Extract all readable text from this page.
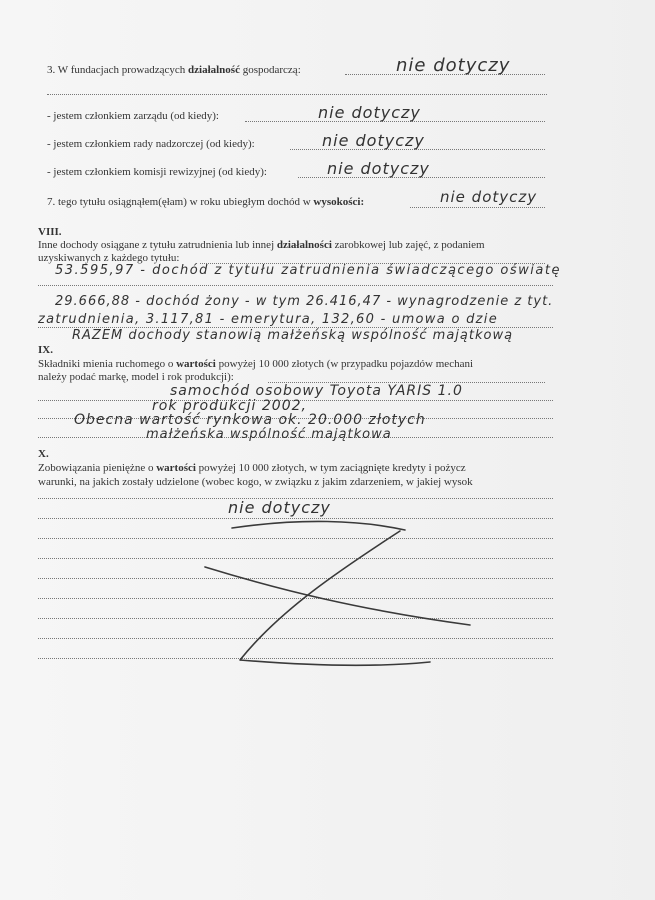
3. W fundacjach prowadzących działalność gospodarczą:	nie dotyczy
- jestem członkiem zarządu (od kiedy):	nie dotyczy
- jestem członkiem rady nadzorczej (od kiedy):	nie dotyczy
- jestem członkiem komisji rewizyjnej (od kiedy):	nie dotyczy
7. tego tytułu osiągnąłem(ęłam) w roku ubiegłym dochód w wysokości:	nie dotyczy
VIII.
Inne dochody osiągane z tytułu zatrudnienia lub innej działalności zarobkowej lub zajęć, z podaniem
uzyskiwanych z każdego tytułu:
53.595,97 - dochód z tytułu zatrudnienia świadczącego oświatę
29.666,88 - dochód żony - w tym 26.416,47 - wynagrodzenie z tyt.
zatrudnienia, 3.117,81 - emerytura, 132,60 - umowa o dzie
RAZEM dochody stanowią małżeńską wspólność majątkową
IX.
Składniki mienia ruchomego o wartości powyżej 10 000 złotych (w przypadku pojazdów mechani
należy podać markę, model i rok produkcji):
samochód osobowy Toyota YARIS 1.0
rok produkcji 2002,
Obecna wartość rynkowa ok. 20.000 złotych
małżeńska wspólność majątkowa
X.
Zobowiązania pieniężne o wartości powyżej 10 000 złotych, w tym zaciągnięte kredyty i pożycz
warunki, na jakich zostały udzielone (wobec kogo, w związku z jakim zdarzeniem, w jakiej wysok
nie dotyczy
